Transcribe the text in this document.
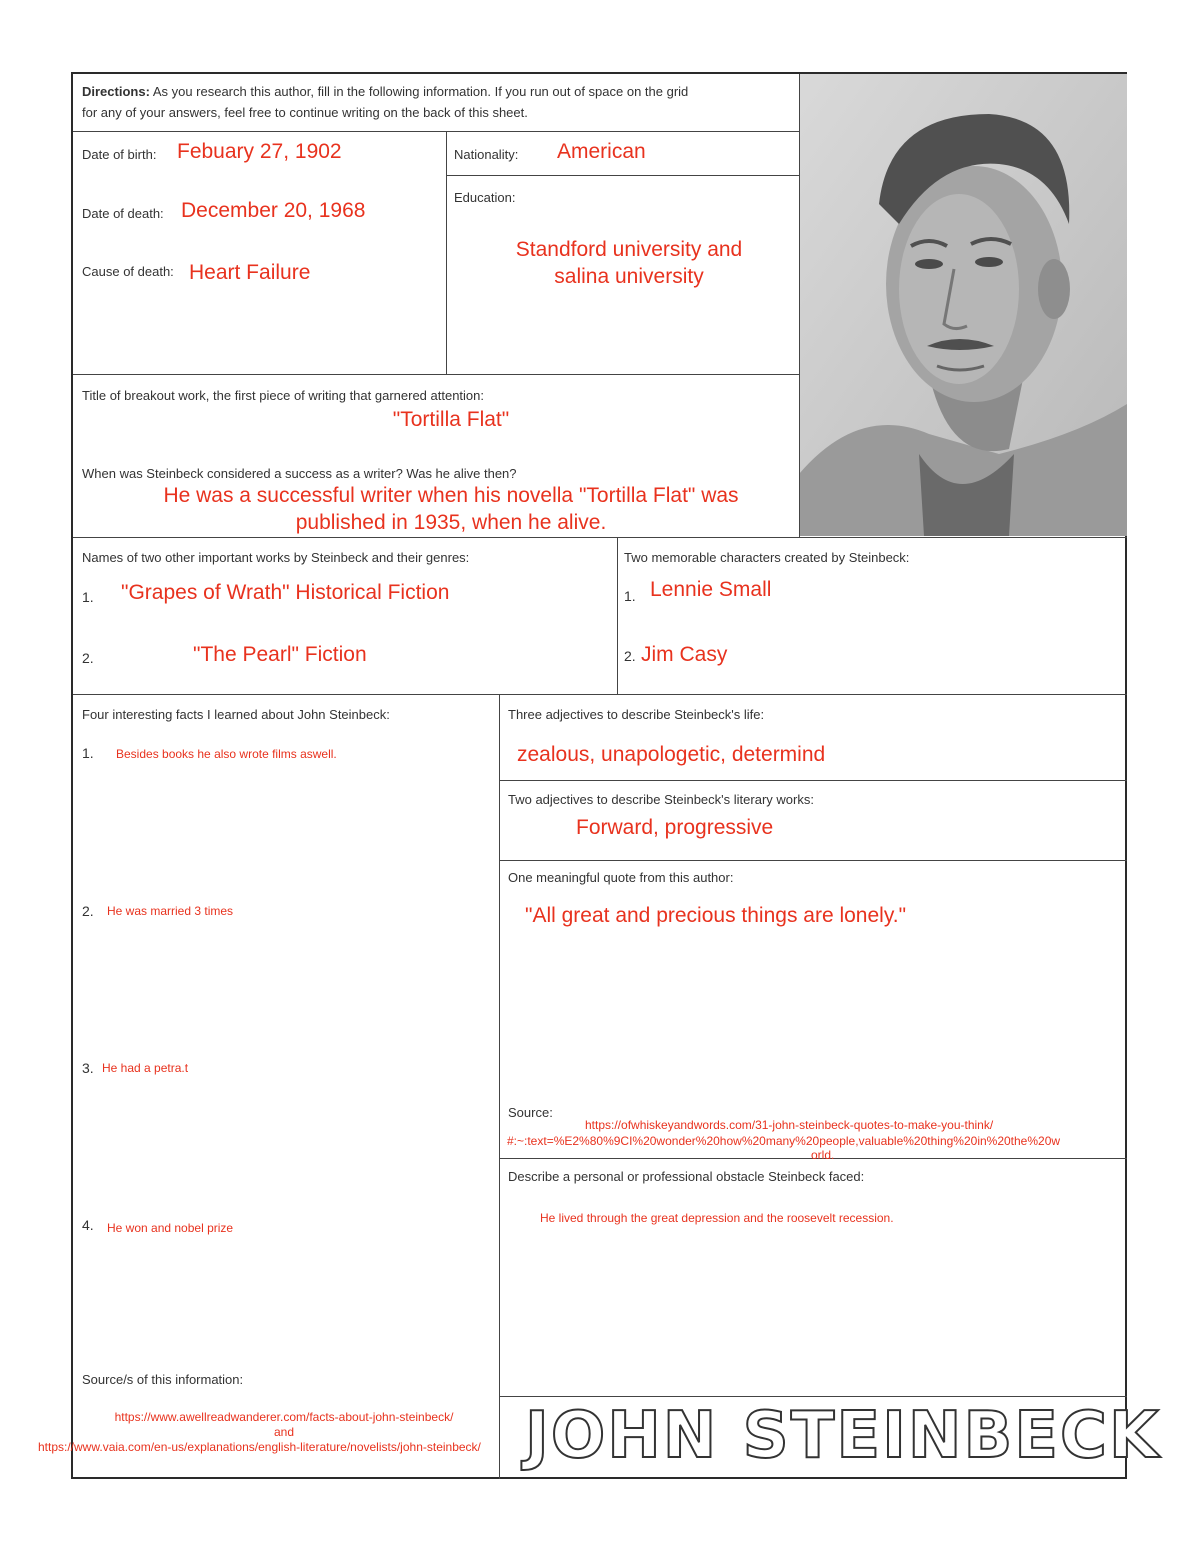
Directions: As you research this author, fill in the following information. If you run out of space on the grid
for any of your answers, feel free to continue writing on the back of this sheet.
Date of birth: Febuary 27, 1902
Date of death: December 20, 1968
Cause of death: Heart Failure
Nationality: American
Education:
Standford university and
salina university
Title of breakout work, the first piece of writing that garnered attention:
"Tortilla Flat"
When was Steinbeck considered a success as a writer? Was he alive then?
He was a successful writer when his novella "Tortilla Flat" was
published in 1935, when he alive.
Names of two other important works by Steinbeck and their genres:
1. "Grapes of Wrath" Historical Fiction
2.	"The Pearl" Fiction
Two memorable characters created by Steinbeck:
1. Lennie Small
2. Jim Casy
Four interesting facts I learned about John Steinbeck:
1. Besides books he also wrote films aswell.
2. He was married 3 times
3. He had a petra.t
4. He won and nobel prize
Source/s of this information:
https://www.awellreadwanderer.com/facts-about-john-steinbeck/
and
https://www.vaia.com/en-us/explanations/english-literature/novelists/john-steinbeck/
Three adjectives to describe Steinbeck's life:
zealous, unapologetic, determind
Two adjectives to describe Steinbeck's literary works:
Forward, progressive
One meaningful quote from this author:
"All great and precious things are lonely."
Source:
https://ofwhiskeyandwords.com/31-john-steinbeck-quotes-to-make-you-think/
#:~:text=%E2%80%9CI%20wonder%20how%20many%20people,valuable%20thing%20in%20the%20w
orld.
Describe a personal or professional obstacle Steinbeck faced:
He lived through the great depression and the roosevelt recession.
JOHN STEINBECK
